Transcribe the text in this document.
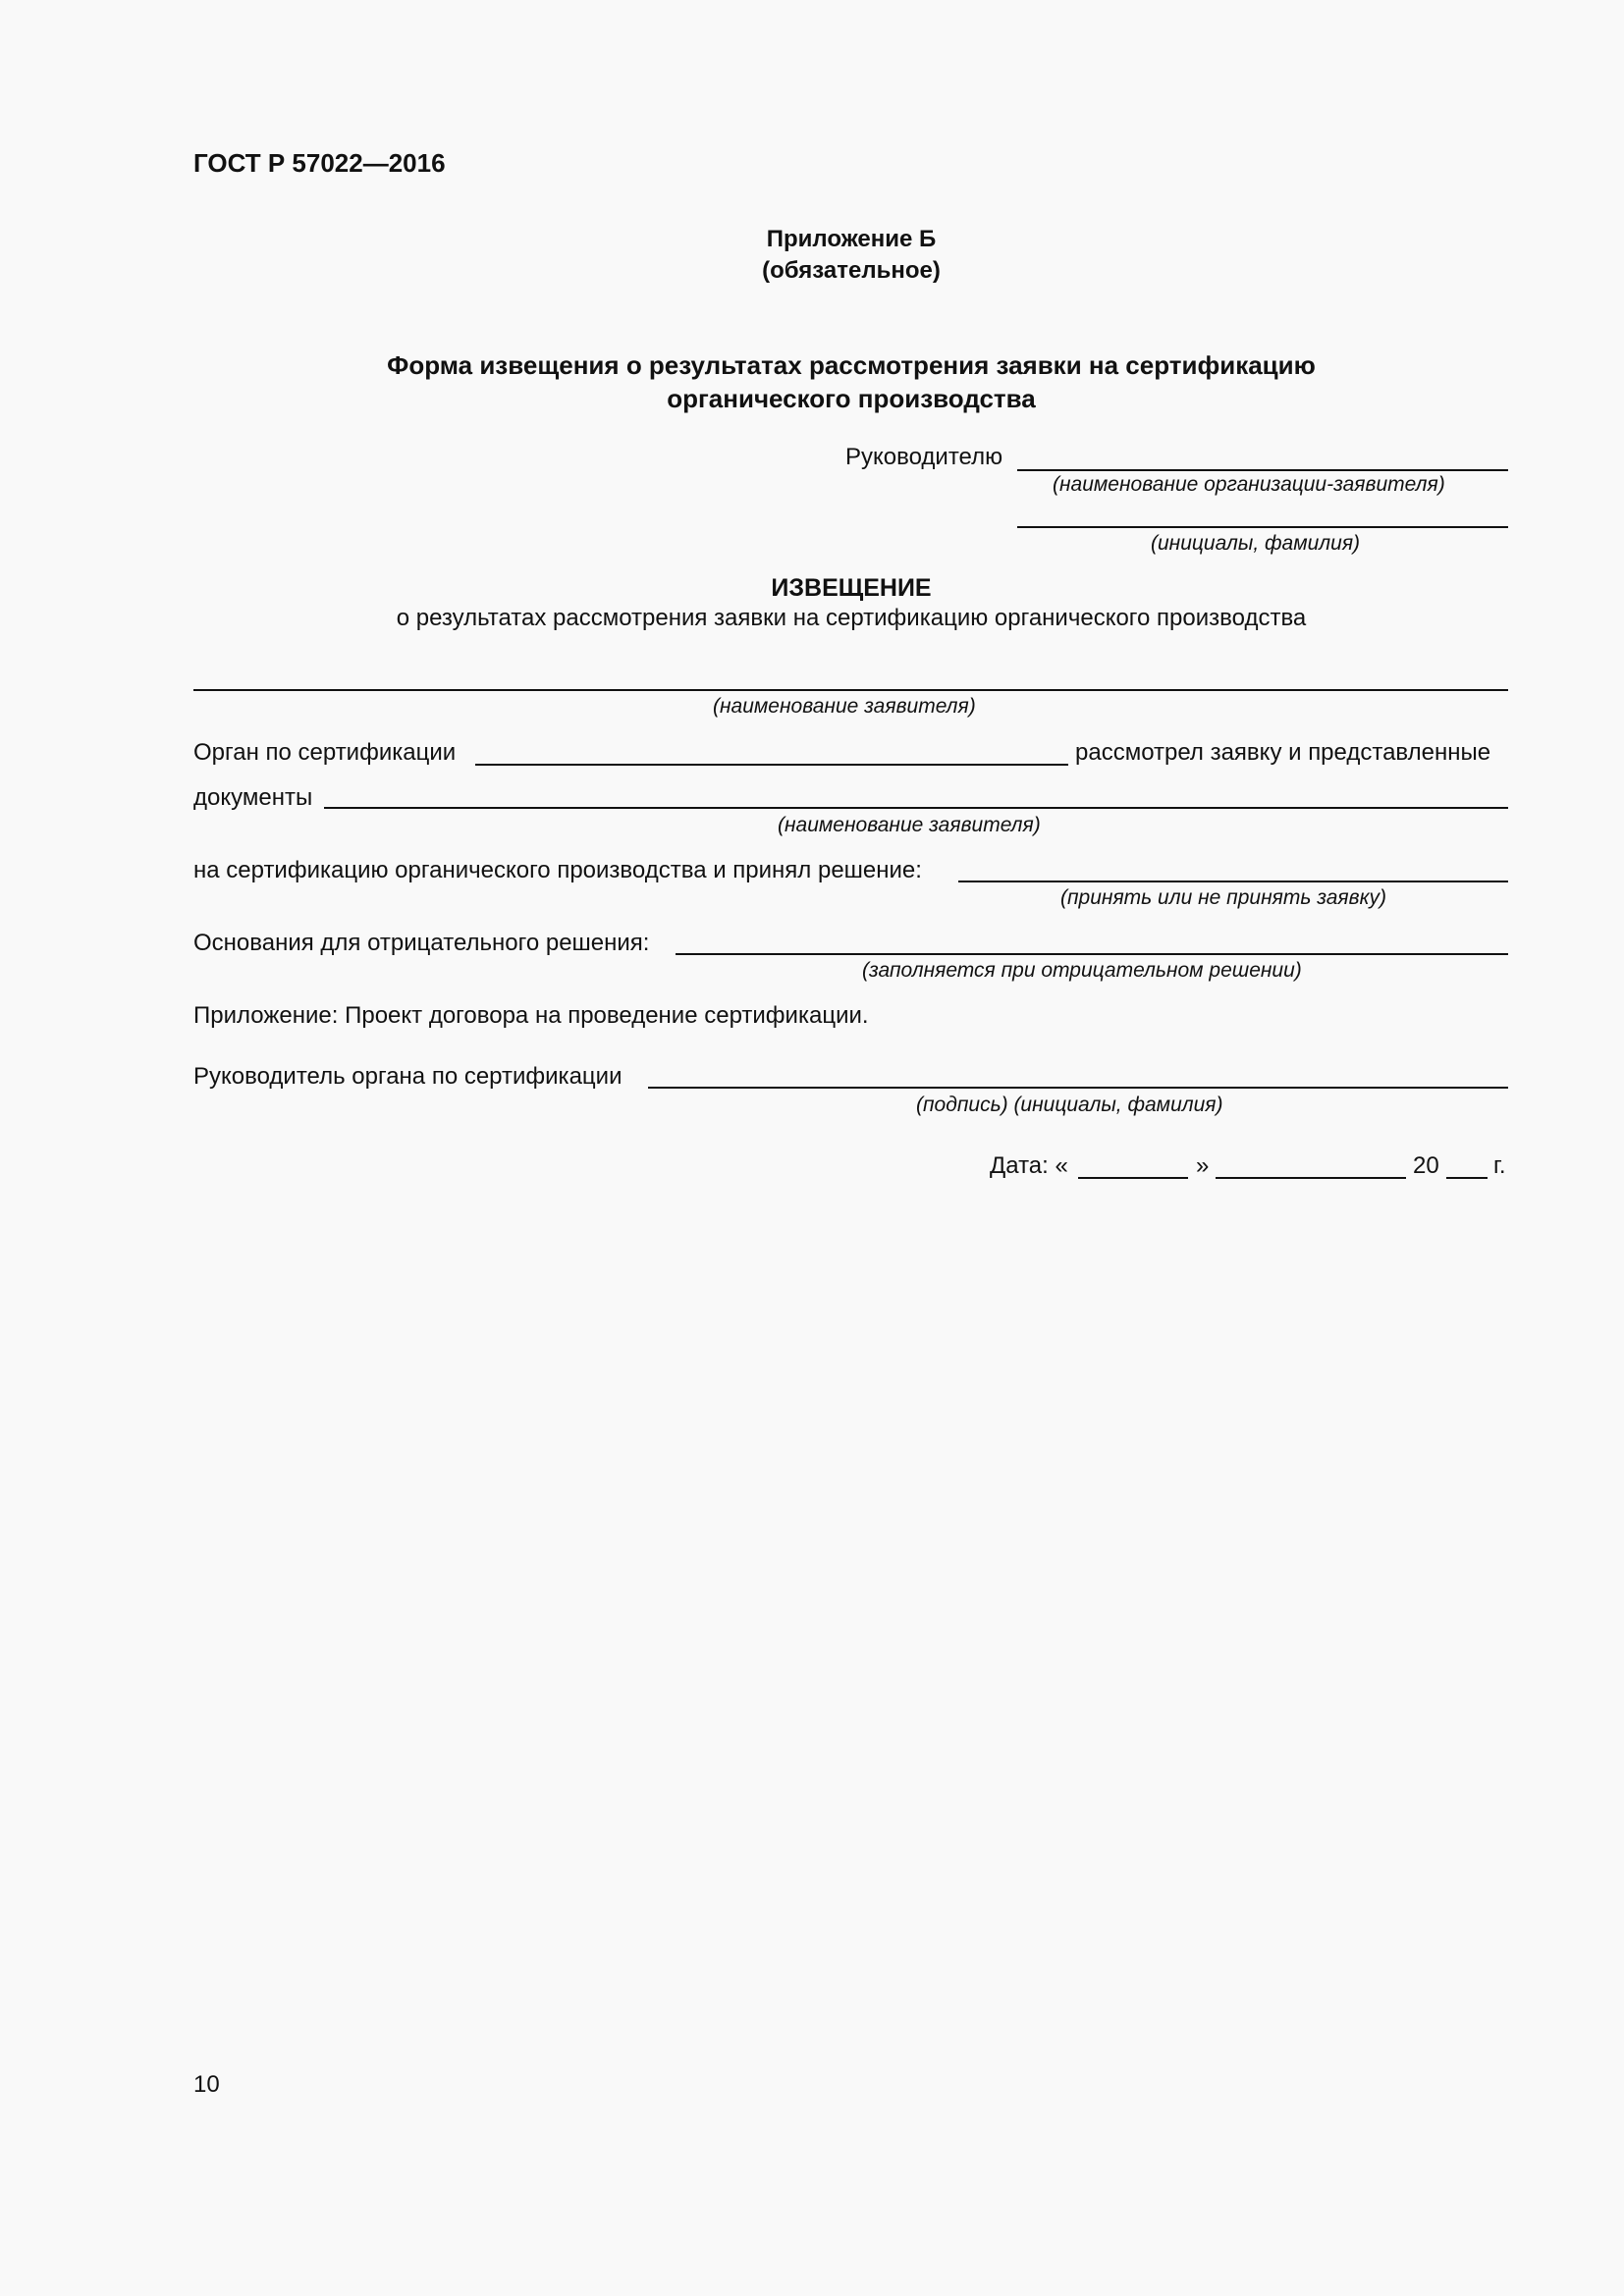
ГОСТ Р 57022—2016
Приложение Б
(обязательное)
Форма извещения о результатах рассмотрения заявки на сертификацию
органического производства
Руководителю
(наименование организации-заявителя)
(инициалы, фамилия)
ИЗВЕЩЕНИЕ
о результатах рассмотрения заявки на сертификацию органического производства
(наименование заявителя)
Орган по сертификации	рассмотрел заявку и представленные
документы
(наименование заявителя)
на сертификацию органического производства и принял решение:
(принять или не принять заявку)
Основания для отрицательного решения:
(заполняется при отрицательном решении)
Приложение: Проект договора на проведение сертификации.
Руководитель органа по сертификации
(подпись) (инициалы, фамилия)
Дата: «	»	20 г.
10
